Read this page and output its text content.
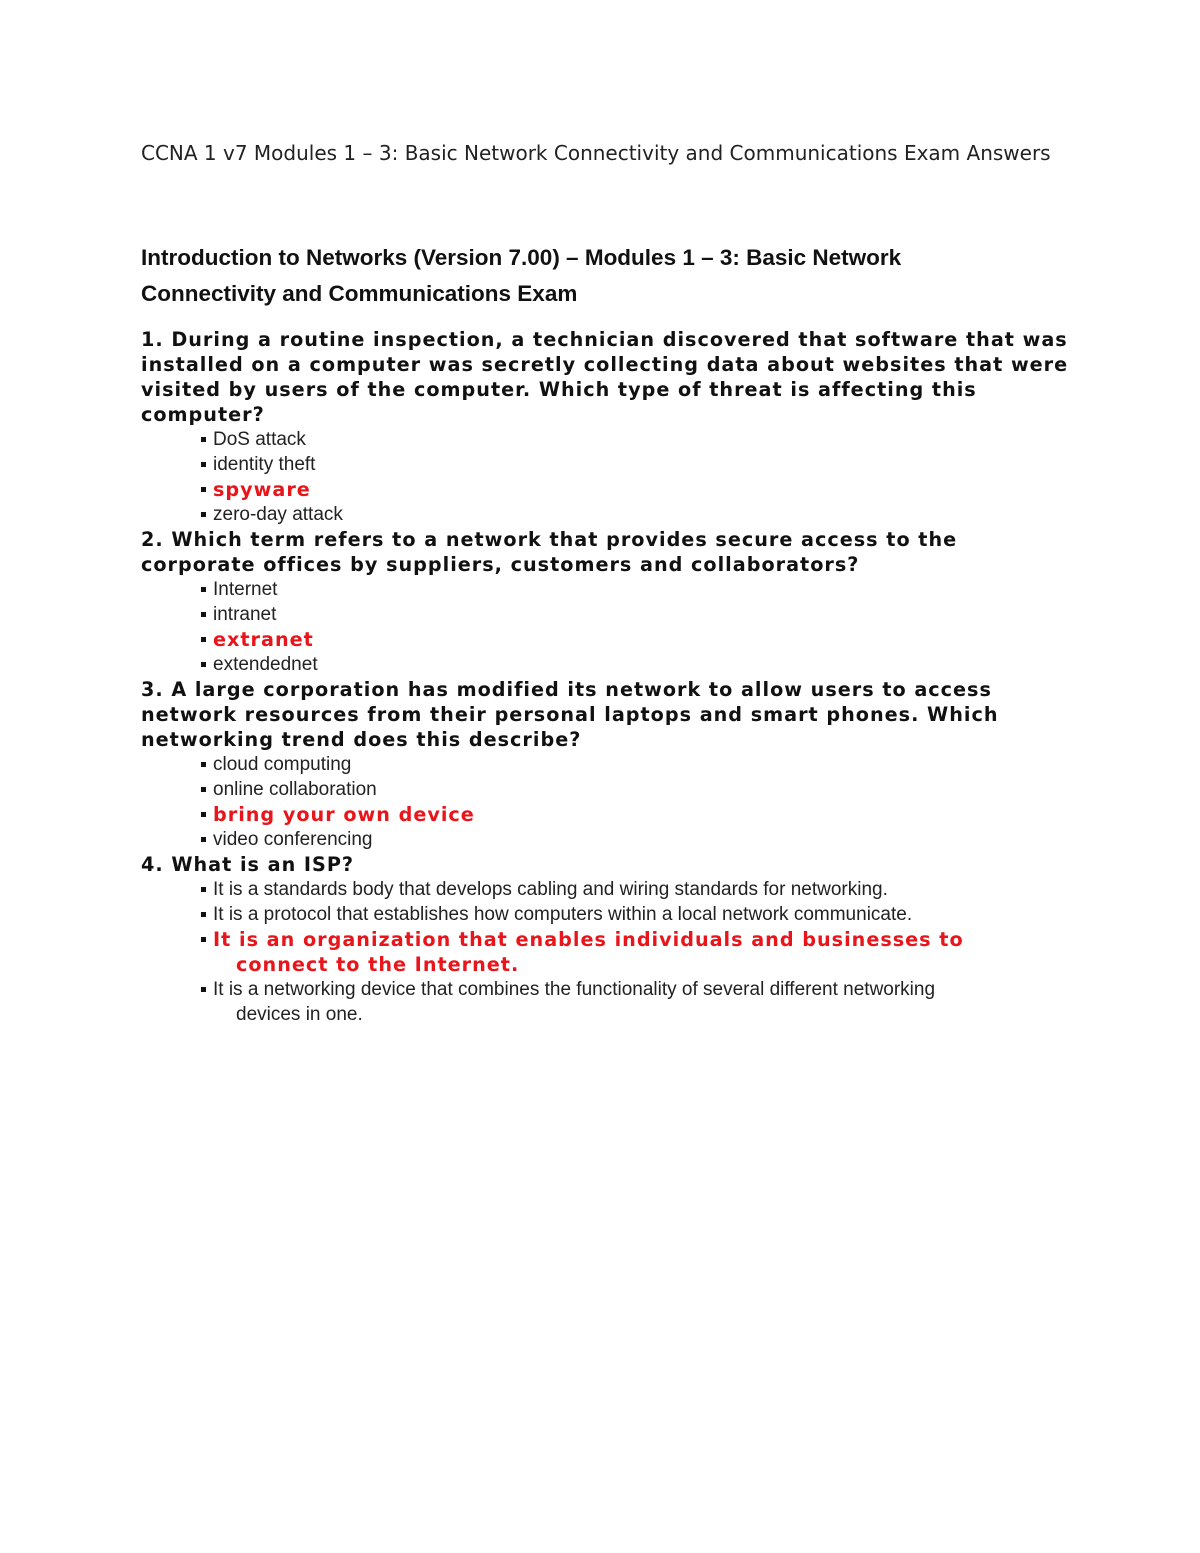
CCNA 1 v7 Modules 1 – 3: Basic Network Connectivity and Communications Exam Answers
Introduction to Networks (Version 7.00) – Modules 1 – 3: Basic Network Connectivity and Communications Exam

1. During a routine inspection, a technician discovered that software that was installed on a computer was secretly collecting data about websites that were visited by users of the computer. Which type of threat is affecting this computer?

DoS attack
identity theft
spyware
zero-day attack

2. Which term refers to a network that provides secure access to the corporate offices by suppliers, customers and collaborators?

Internet
intranet
extranet
extendednet

3. A large corporation has modified its network to allow users to access network resources from their personal laptops and smart phones. Which networking trend does this describe?

cloud computing
online collaboration
bring your own device
video conferencing

4. What is an ISP?

It is a standards body that develops cabling and wiring standards for networking.
It is a protocol that establishes how computers within a local network communicate.
It is an organization that enables individuals and businesses to
connect to the Internet.
It is a networking device that combines the functionality of several different networking
devices in one.
